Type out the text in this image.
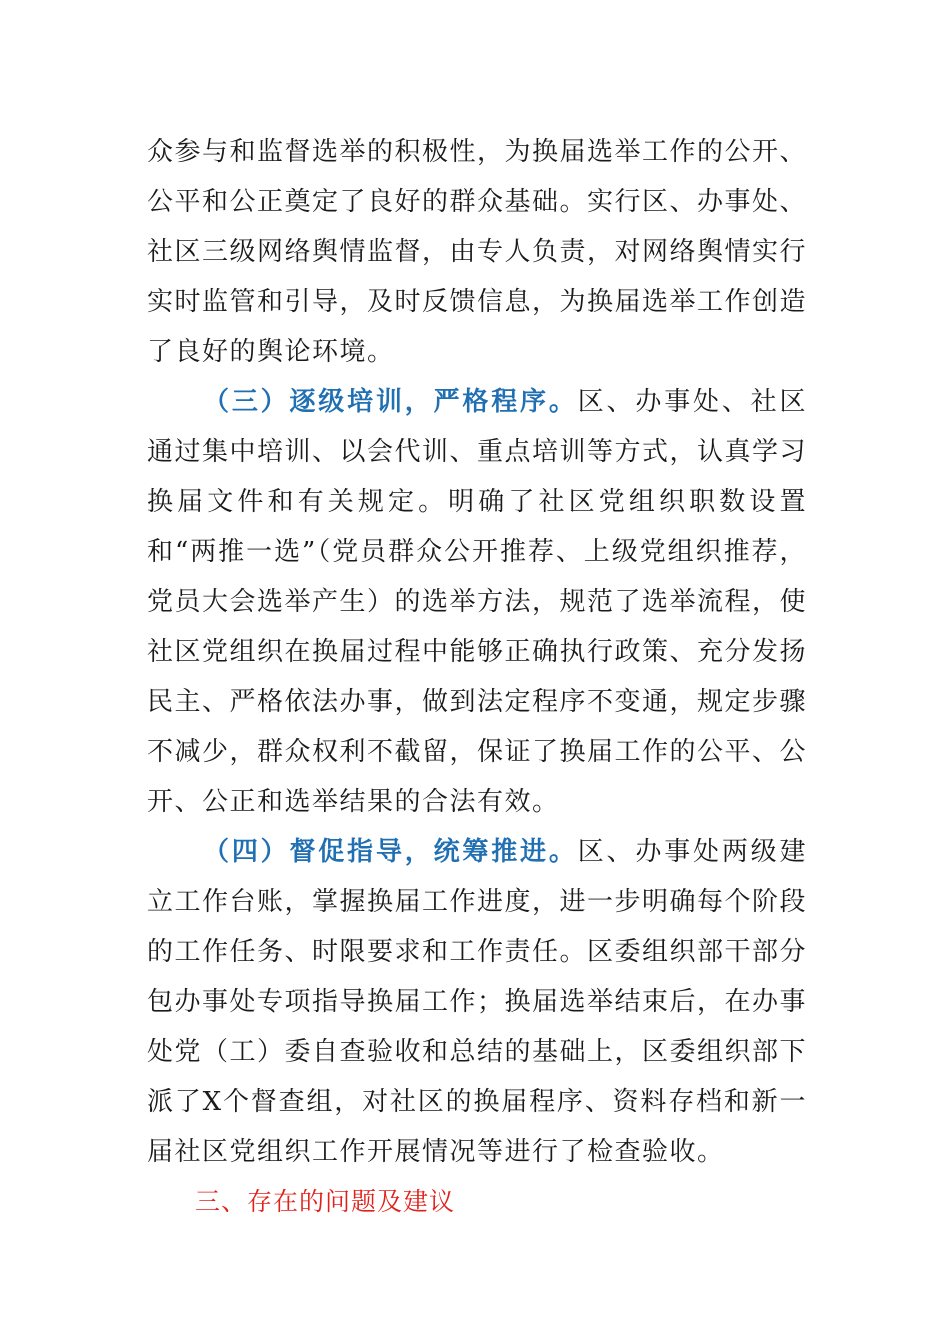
众参与和监督选举的积极性，为换届选举工作的公开、公平和公正奠定了良好的群众基础。实行区、办事处、社区三级网络舆情监督，由专人负责，对网络舆情实行实时监管和引导，及时反馈信息，为换届选举工作创造了良好的舆论环境。

（三）逐级培训，严格程序。区、办事处、社区通过集中培训、以会代训、重点培训等方式，认真学习换届文件和有关规定。明确了社区党组织职数设置和“两推一选”（党员群众公开推荐、上级党组织推荐，党员大会选举产生）的选举方法，规范了选举流程，使社区党组织在换届过程中能够正确执行政策、充分发扬民主、严格依法办事，做到法定程序不变通，规定步骤不减少，群众权利不截留，保证了换届工作的公平、公开、公正和选举结果的合法有效。

（四）督促指导，统筹推进。区、办事处两级建立工作台账，掌握换届工作进度，进一步明确每个阶段的工作任务、时限要求和工作责任。区委组织部干部分包办事处专项指导换届工作；换届选举结束后，在办事处党（工）委自查验收和总结的基础上，区委组织部下派了X个督查组，对社区的换届程序、资料存档和新一届社区党组织工作开展情况等进行了检查验收。

三、存在的问题及建议
